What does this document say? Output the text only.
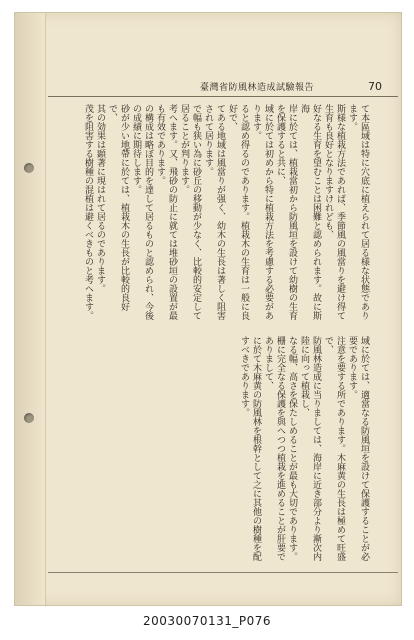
臺灣省防風林造成試驗報告	70
て本區域は特に穴底に植えられて居る様な状態であります。
斯様な植栽方法であれば、季節風の風當りを避け得て生育も良好となりますけれども、
好なる生育を望むことは困難と認められます。故に斯海
岸に於ては、植栽當初から防風垣を設けて幼樹の生育を保護すると共に、
域に於ては初めから特に植栽方法を考慮する必要があります。
ると認め得るのであります。植栽木の生育は一般に良好で、
てある地域は風當りが强く、幼木の生長は著しく阻害されて居ります。
で幅も狭い為に砂丘の移動が少なく、比較的安定して居ることが判ります。
考へます。又、飛砂の防止に就ては堆砂垣の設置が最も有效であります。
の構成は略ぼ目的を達して居るものと認められ、今後の成績に期待します。
砂が少い地帶に於ては、植栽木の生長が比較的良好で、
其の効果は顕著に現はれて居るのであります。
茂を阻害する樹種の混植は避くべきものと考へます。
域に於ては、適當なる防風垣を設けて保護することが必要であります。
注意を要する所であります。木麻黄の生長は極めて旺盛で、
防風林造成に当りましては、海岸に近き部分より漸次内陸に向って植栽し、
なる幅、高さを保たしめることが最も大切であります。
栅に完全なる保護を與へつつ植栽を進めることが肝要でありまして、
に於て木麻黄の防風林を根幹として之に其他の樹種を配すべきであります。
20030070131_P076
